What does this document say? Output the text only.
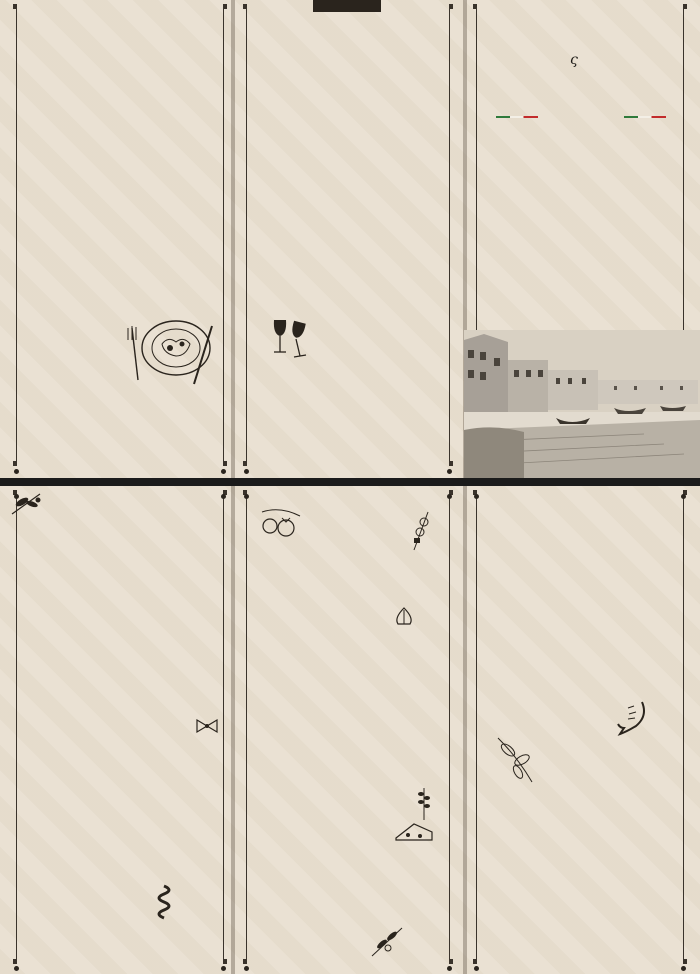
ς
